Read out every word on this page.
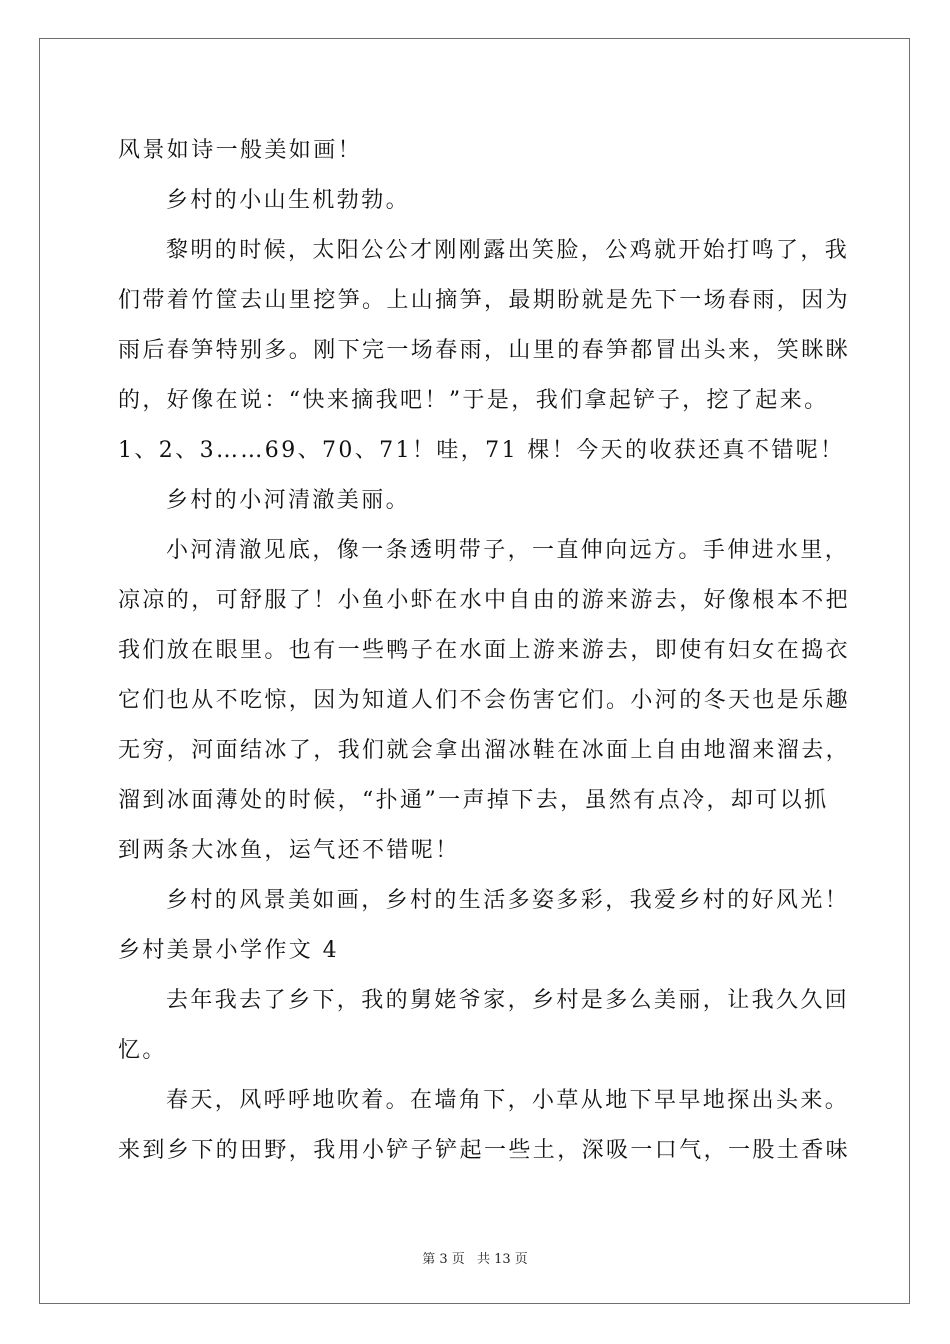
风景如诗一般美如画！
乡村的小山生机勃勃。
黎明的时候，太阳公公才刚刚露出笑脸，公鸡就开始打鸣了，我
们带着竹筐去山里挖笋。上山摘笋，最期盼就是先下一场春雨，因为
雨后春笋特别多。刚下完一场春雨，山里的春笋都冒出头来，笑眯眯
的，好像在说：“快来摘我吧！”于是，我们拿起铲子，挖了起来。
1、2、3……69、70、71！哇，71 棵！今天的收获还真不错呢！
乡村的小河清澈美丽。
小河清澈见底，像一条透明带子，一直伸向远方。手伸进水里，
凉凉的，可舒服了！小鱼小虾在水中自由的游来游去，好像根本不把
我们放在眼里。也有一些鸭子在水面上游来游去，即使有妇女在捣衣
它们也从不吃惊，因为知道人们不会伤害它们。小河的冬天也是乐趣
无穷，河面结冰了，我们就会拿出溜冰鞋在冰面上自由地溜来溜去，
溜到冰面薄处的时候，“扑通”一声掉下去，虽然有点冷，却可以抓
到两条大冰鱼，运气还不错呢！
乡村的风景美如画，乡村的生活多姿多彩，我爱乡村的好风光！
乡村美景小学作文 4
去年我去了乡下，我的舅姥爷家，乡村是多么美丽，让我久久回
忆。
春天，风呼呼地吹着。在墙角下，小草从地下早早地探出头来。
来到乡下的田野，我用小铲子铲起一些土，深吸一口气，一股土香味
第 3 页 共 13 页
